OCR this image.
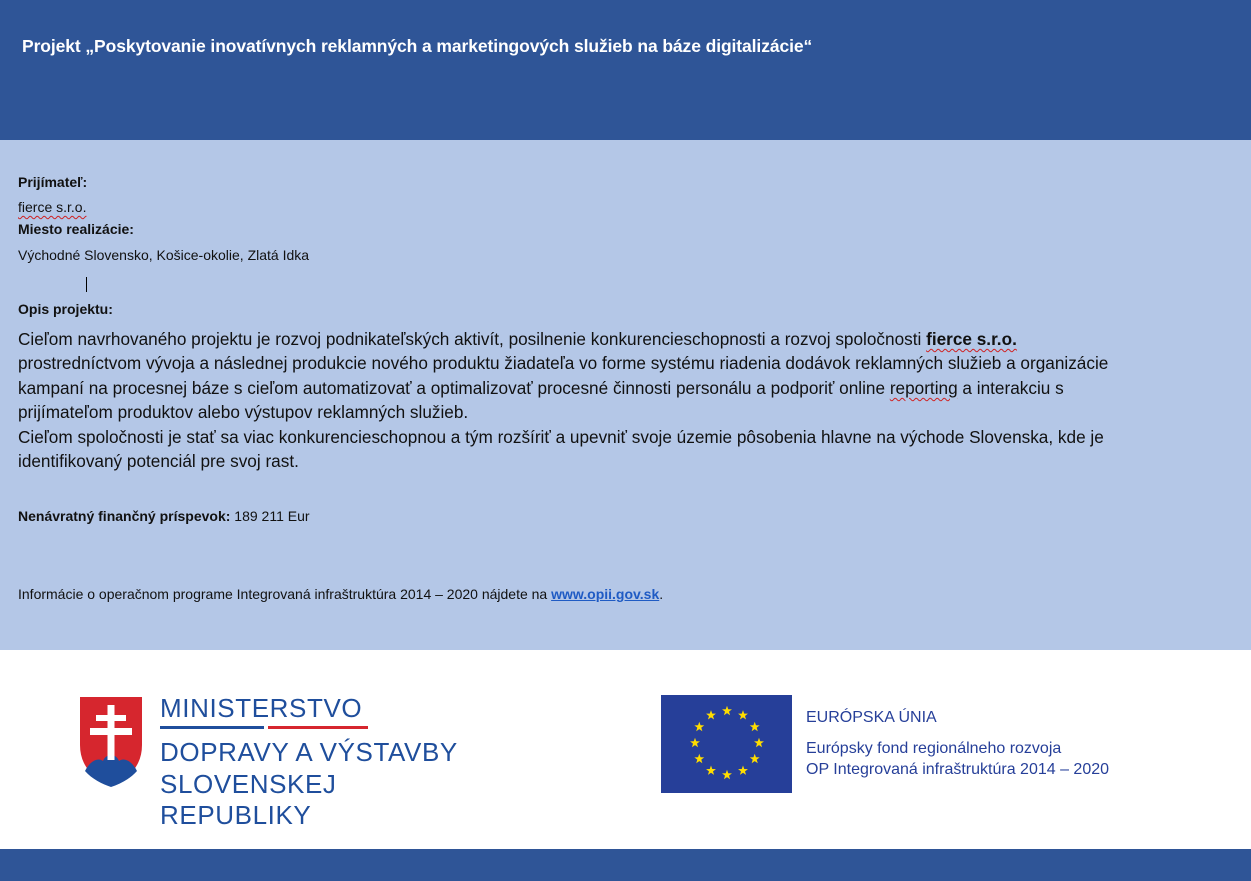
Projekt „Poskytovanie inovatívnych reklamných a marketingových služieb na báze digitalizácie“
Prijímateľ:
fierce s.r.o.
Miesto realizácie:
Východné Slovensko, Košice-okolie, Zlatá Idka
Opis projektu:
Cieľom navrhovaného projektu je rozvoj podnikateľských aktivít, posilnenie konkurencieschopnosti a rozvoj spoločnosti fierce s.r.o.
prostredníctvom vývoja a následnej produkcie nového produktu žiadateľa vo forme systému riadenia dodávok reklamných služieb a organizácie
kampaní na procesnej báze s cieľom automatizovať a optimalizovať procesné činnosti personálu a podporiť online reporting a interakciu s
prijímateľom produktov alebo výstupov reklamných služieb.
Cieľom spoločnosti je stať sa viac konkurencieschopnou a tým rozšíriť a upevniť svoje územie pôsobenia hlavne na východe Slovenska, kde je
identifikovaný potenciál pre svoj rast.
Nenávratný finančný príspevok: 189 211 Eur
Informácie o operačnom programe Integrovaná infraštruktúra 2014 – 2020 nájdete na www.opii.gov.sk.
MINISTERSTVO
DOPRAVY A VÝSTAVBY
SLOVENSKEJ REPUBLIKY
EURÓPSKA ÚNIA
Európsky fond regionálneho rozvoja
OP Integrovaná infraštruktúra 2014 – 2020
